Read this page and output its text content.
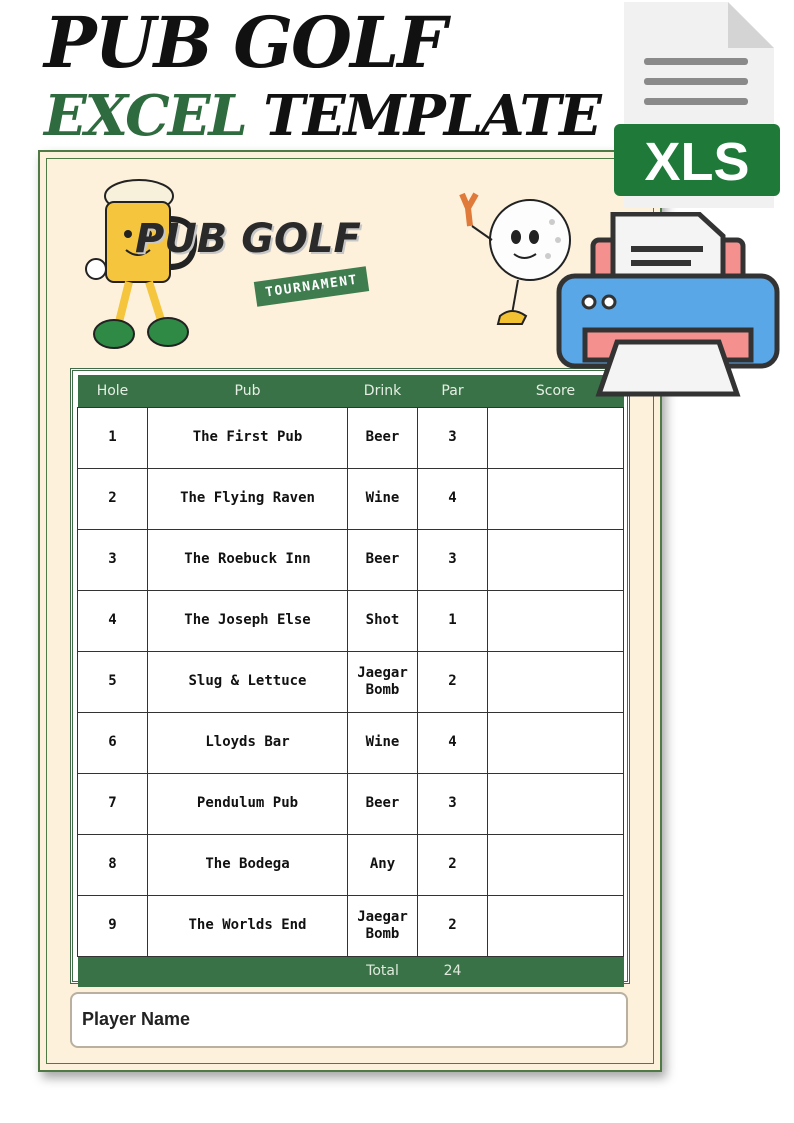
PUB GOLF
EXCEL TEMPLATE
PUB GOLF
TOURNAMENT
Hole	Pub	Drink	Par	Score
1	The First Pub	Beer	3	
2	The Flying Raven	Wine	4	
3	The Roebuck Inn	Beer	3	
4	The Joseph Else	Shot	1	
5	Slug & Lettuce	Jaegar Bomb	2	
6	Lloyds Bar	Wine	4	
7	Pendulum Pub	Beer	3	
8	The Bodega	Any	2	
9	The Worlds End	Jaegar Bomb	2	
		Total	24	
Player Name
XLS
